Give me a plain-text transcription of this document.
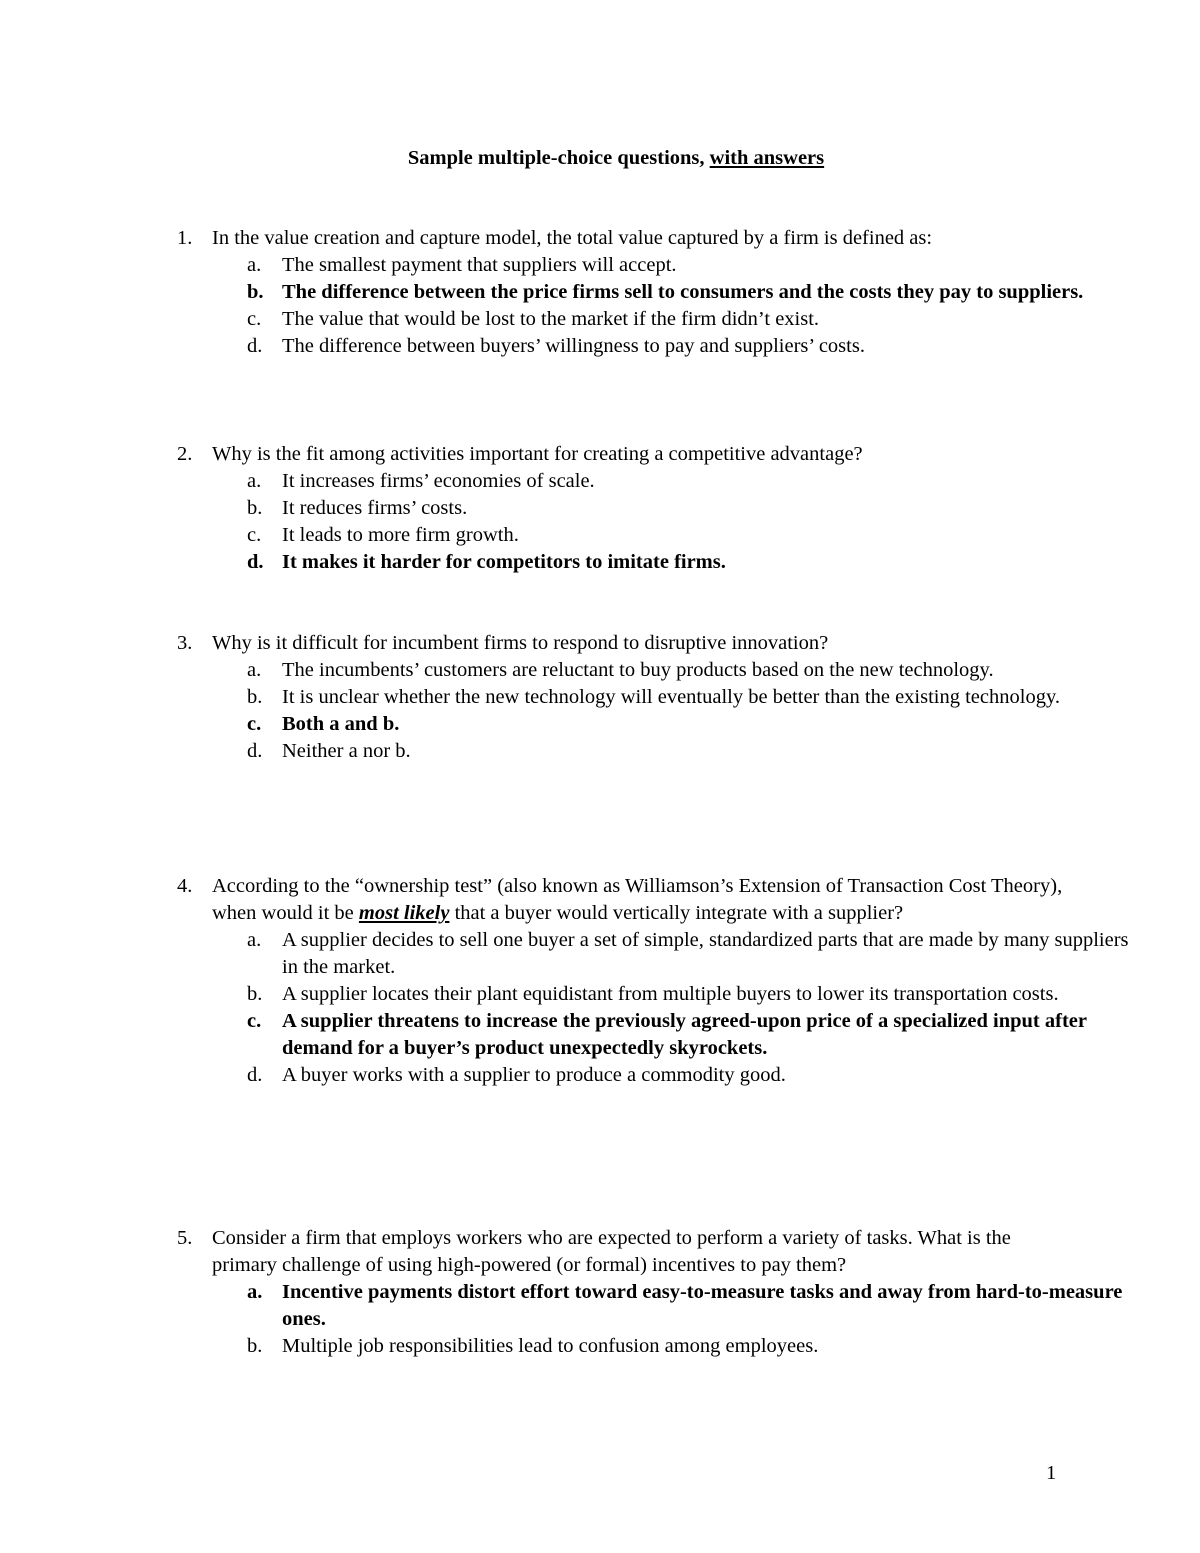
Sample multiple-choice questions, with answers
1. In the value creation and capture model, the total value captured by a firm is defined as:
a. The smallest payment that suppliers will accept.
b. The difference between the price firms sell to consumers and the costs they pay to suppliers.
c. The value that would be lost to the market if the firm didn’t exist.
d. The difference between buyers’ willingness to pay and suppliers’ costs.
2. Why is the fit among activities important for creating a competitive advantage?
a. It increases firms’ economies of scale.
b. It reduces firms’ costs.
c. It leads to more firm growth.
d. It makes it harder for competitors to imitate firms.
3. Why is it difficult for incumbent firms to respond to disruptive innovation?
a. The incumbents’ customers are reluctant to buy products based on the new technology.
b. It is unclear whether the new technology will eventually be better than the existing technology.
c. Both a and b.
d. Neither a nor b.
4. According to the “ownership test” (also known as Williamson’s Extension of Transaction Cost Theory), when would it be most likely that a buyer would vertically integrate with a supplier?
a. A supplier decides to sell one buyer a set of simple, standardized parts that are made by many suppliers in the market.
b. A supplier locates their plant equidistant from multiple buyers to lower its transportation costs.
c. A supplier threatens to increase the previously agreed-upon price of a specialized input after demand for a buyer’s product unexpectedly skyrockets.
d. A buyer works with a supplier to produce a commodity good.
5. Consider a firm that employs workers who are expected to perform a variety of tasks. What is the primary challenge of using high-powered (or formal) incentives to pay them?
a. Incentive payments distort effort toward easy-to-measure tasks and away from hard-to-measure ones.
b. Multiple job responsibilities lead to confusion among employees.
1
